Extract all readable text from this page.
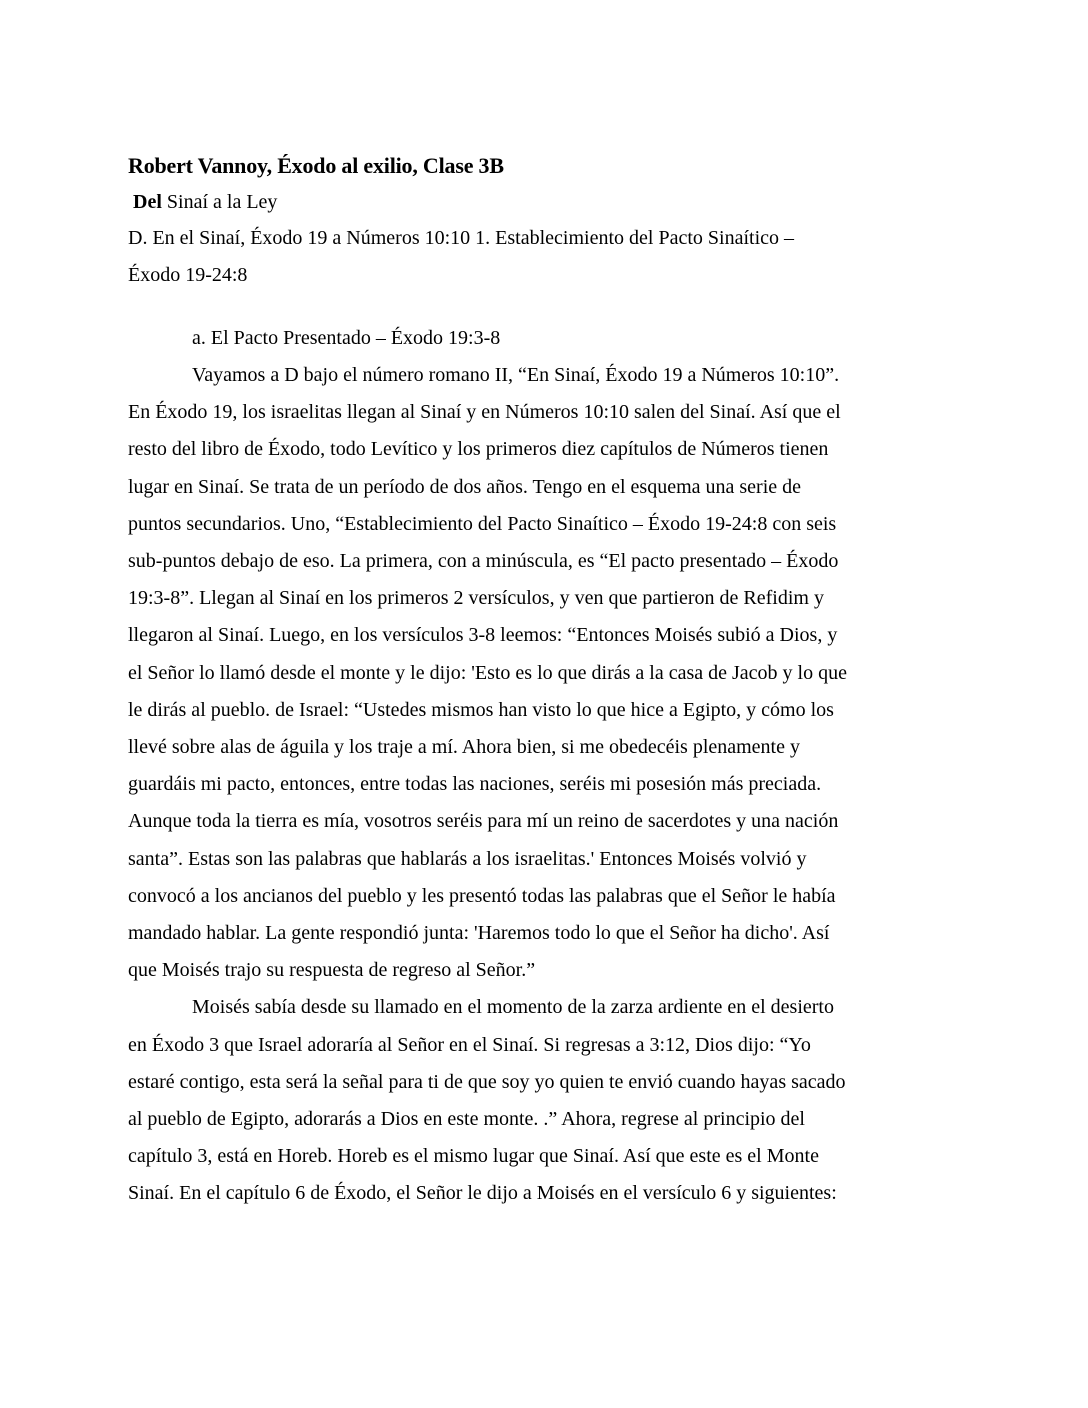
Robert Vannoy, Éxodo al exilio, Clase 3B

Del Sinaí a la Ley

D. En el Sinaí, Éxodo 19 a Números 10:10 1. Establecimiento del Pacto Sinaítico –
Éxodo 19-24:8

a. El Pacto Presentado – Éxodo 19:3-8

Vayamos a D bajo el número romano II, “En Sinaí, Éxodo 19 a Números 10:10”.
En Éxodo 19, los israelitas llegan al Sinaí y en Números 10:10 salen del Sinaí. Así que el
resto del libro de Éxodo, todo Levítico y los primeros diez capítulos de Números tienen
lugar en Sinaí. Se trata de un período de dos años. Tengo en el esquema una serie de
puntos secundarios. Uno, “Establecimiento del Pacto Sinaítico – Éxodo 19-24:8 con seis
sub-puntos debajo de eso. La primera, con a minúscula, es “El pacto presentado – Éxodo
19:3-8”. Llegan al Sinaí en los primeros 2 versículos, y ven que partieron de Refidim y
llegaron al Sinaí. Luego, en los versículos 3-8 leemos: “Entonces Moisés subió a Dios, y
el Señor lo llamó desde el monte y le dijo: 'Esto es lo que dirás a la casa de Jacob y lo que
le dirás al pueblo. de Israel: “Ustedes mismos han visto lo que hice a Egipto, y cómo los
llevé sobre alas de águila y los traje a mí. Ahora bien, si me obedecéis plenamente y
guardáis mi pacto, entonces, entre todas las naciones, seréis mi posesión más preciada.
Aunque toda la tierra es mía, vosotros seréis para mí un reino de sacerdotes y una nación
santa”. Estas son las palabras que hablarás a los israelitas.' Entonces Moisés volvió y
convocó a los ancianos del pueblo y les presentó todas las palabras que el Señor le había
mandado hablar. La gente respondió junta: 'Haremos todo lo que el Señor ha dicho'. Así
que Moisés trajo su respuesta de regreso al Señor.”
Moisés sabía desde su llamado en el momento de la zarza ardiente en el desierto
en Éxodo 3 que Israel adoraría al Señor en el Sinaí. Si regresas a 3:12, Dios dijo: “Yo
estaré contigo, esta será la señal para ti de que soy yo quien te envió cuando hayas sacado
al pueblo de Egipto, adorarás a Dios en este monte. .” Ahora, regrese al principio del
capítulo 3, está en Horeb. Horeb es el mismo lugar que Sinaí. Así que este es el Monte
Sinaí. En el capítulo 6 de Éxodo, el Señor le dijo a Moisés en el versículo 6 y siguientes:
